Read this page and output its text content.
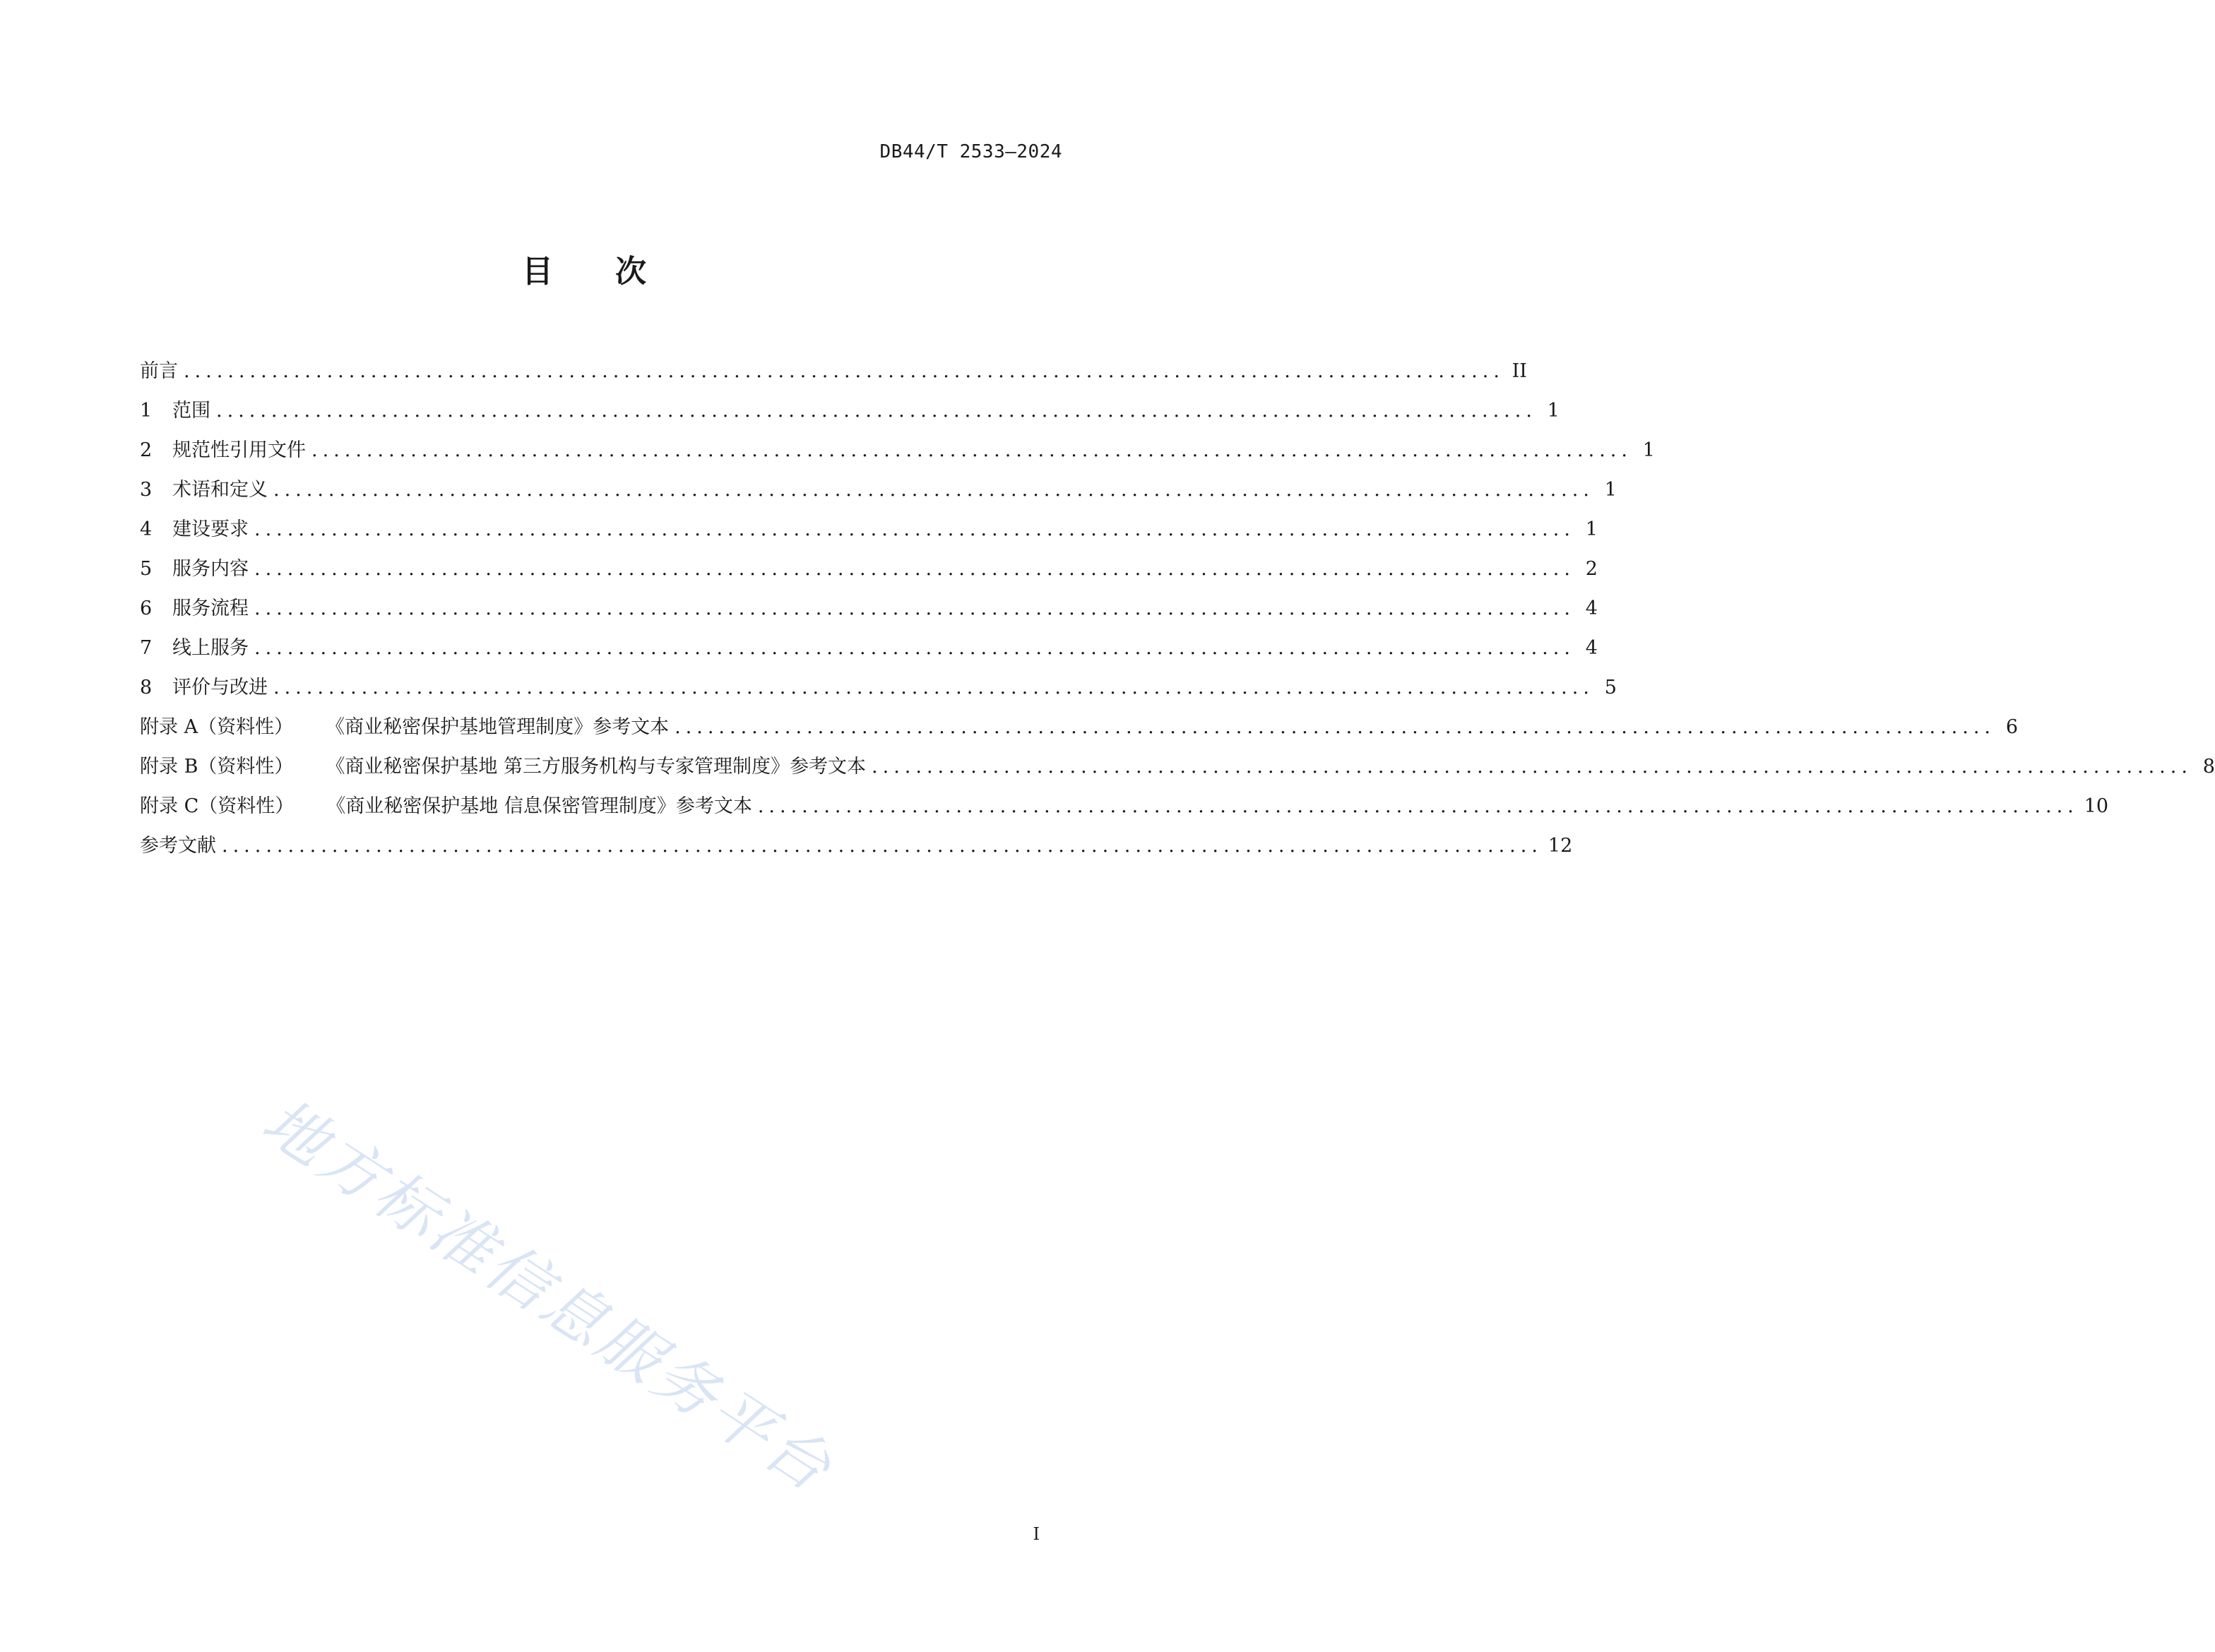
DB44/T 2533—2024
目 次
前言 ........................................................................................................................ II
1	范围 ........................................................................................................................ 1
2	规范性引用文件 ........................................................................................................................ 1
3	术语和定义 ........................................................................................................................ 1
4	建设要求 ........................................................................................................................ 1
5	服务内容 ........................................................................................................................ 2
6	服务流程 ........................................................................................................................ 4
7	线上服务 ........................................................................................................................ 4
8	评价与改进 ........................................................................................................................ 5
附录 A（资料性） 《商业秘密保护基地管理制度》参考文本 ........................................................................................................................ 6
附录 B（资料性） 《商业秘密保护基地 第三方服务机构与专家管理制度》参考文本 ........................................................................................................................ 8
附录 C（资料性） 《商业秘密保护基地 信息保密管理制度》参考文本 ........................................................................................................................ 10
参考文献 ........................................................................................................................ 12
地方标准信息服务平台
I
